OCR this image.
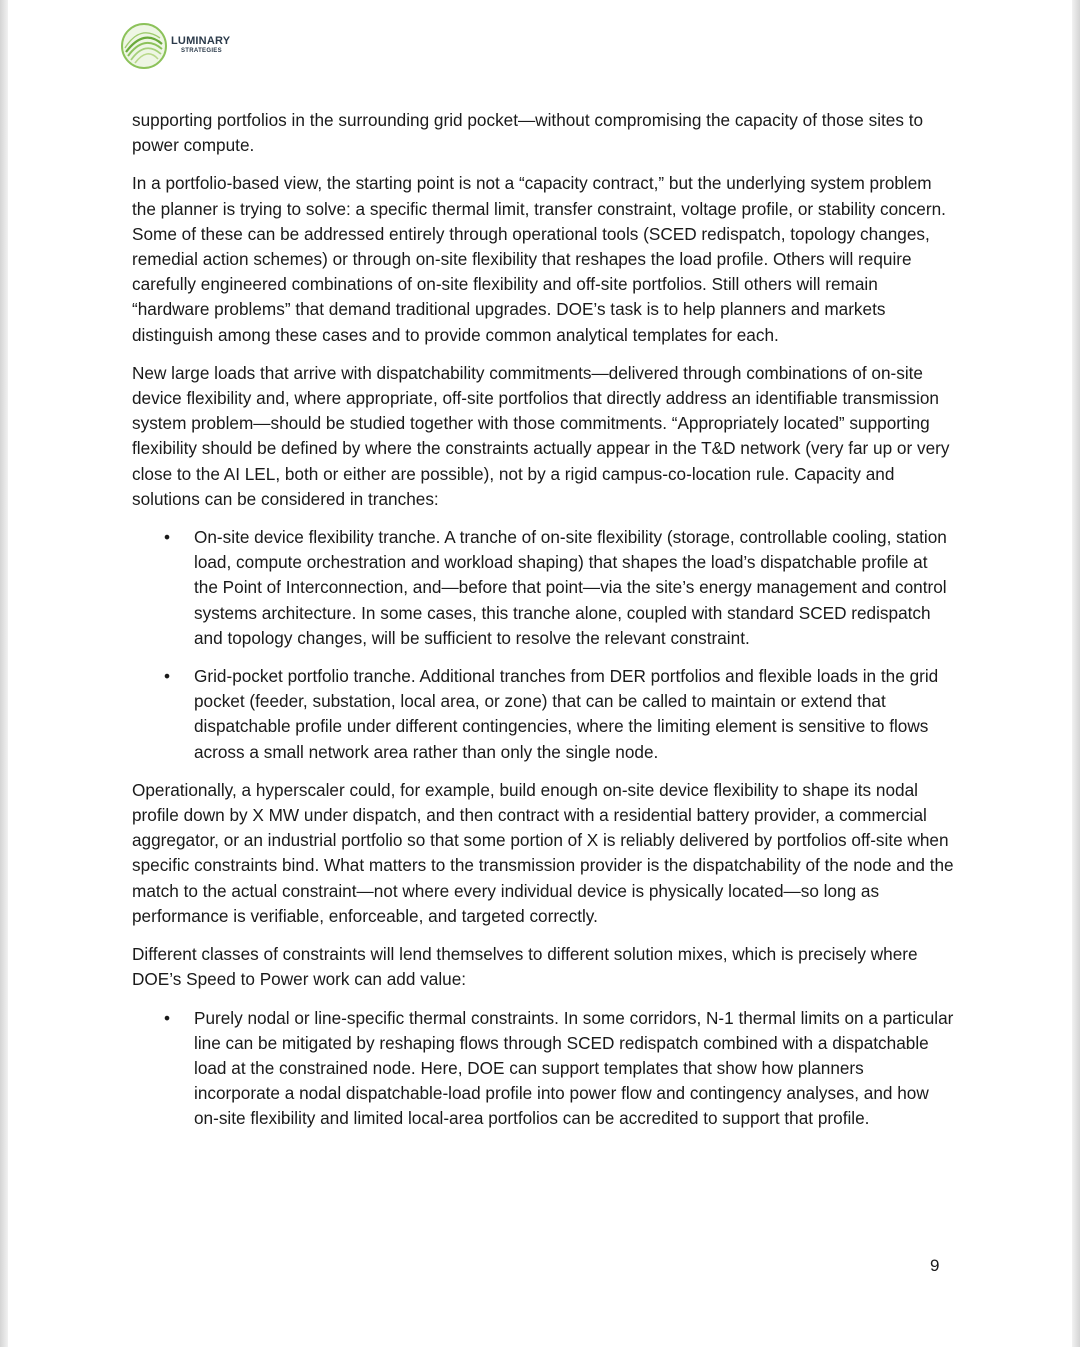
LUMINARY
STRATEGIES

supporting portfolios in the surrounding grid pocket—without compromising the capacity of those sites to power compute.

In a portfolio-based view, the starting point is not a “capacity contract,” but the underlying system problem the planner is trying to solve: a specific thermal limit, transfer constraint, voltage profile, or stability concern. Some of these can be addressed entirely through operational tools (SCED redispatch, topology changes, remedial action schemes) or through on-site flexibility that reshapes the load profile. Others will require carefully engineered combinations of on-site flexibility and off-site portfolios. Still others will remain “hardware problems” that demand traditional upgrades. DOE’s task is to help planners and markets distinguish among these cases and to provide common analytical templates for each.

New large loads that arrive with dispatchability commitments—delivered through combinations of on-site device flexibility and, where appropriate, off-site portfolios that directly address an identifiable transmission system problem—should be studied together with those commitments. “Appropriately located” supporting flexibility should be defined by where the constraints actually appear in the T&D network (very far up or very close to the AI LEL, both or either are possible), not by a rigid campus-co-location rule. Capacity and solutions can be considered in tranches:

• On-site device flexibility tranche. A tranche of on-site flexibility (storage, controllable cooling, station load, compute orchestration and workload shaping) that shapes the load’s dispatchable profile at the Point of Interconnection, and—before that point—via the site’s energy management and control systems architecture. In some cases, this tranche alone, coupled with standard SCED redispatch and topology changes, will be sufficient to resolve the relevant constraint.
• Grid-pocket portfolio tranche. Additional tranches from DER portfolios and flexible loads in the grid pocket (feeder, substation, local area, or zone) that can be called to maintain or extend that dispatchable profile under different contingencies, where the limiting element is sensitive to flows across a small network area rather than only the single node.

Operationally, a hyperscaler could, for example, build enough on-site device flexibility to shape its nodal profile down by X MW under dispatch, and then contract with a residential battery provider, a commercial aggregator, or an industrial portfolio so that some portion of X is reliably delivered by portfolios off-site when specific constraints bind. What matters to the transmission provider is the dispatchability of the node and the match to the actual constraint—not where every individual device is physically located—so long as performance is verifiable, enforceable, and targeted correctly.

Different classes of constraints will lend themselves to different solution mixes, which is precisely where DOE’s Speed to Power work can add value:

• Purely nodal or line-specific thermal constraints. In some corridors, N-1 thermal limits on a particular line can be mitigated by reshaping flows through SCED redispatch combined with a dispatchable load at the constrained node. Here, DOE can support templates that show how planners incorporate a nodal dispatchable-load profile into power flow and contingency analyses, and how on-site flexibility and limited local-area portfolios can be accredited to support that profile.
9
